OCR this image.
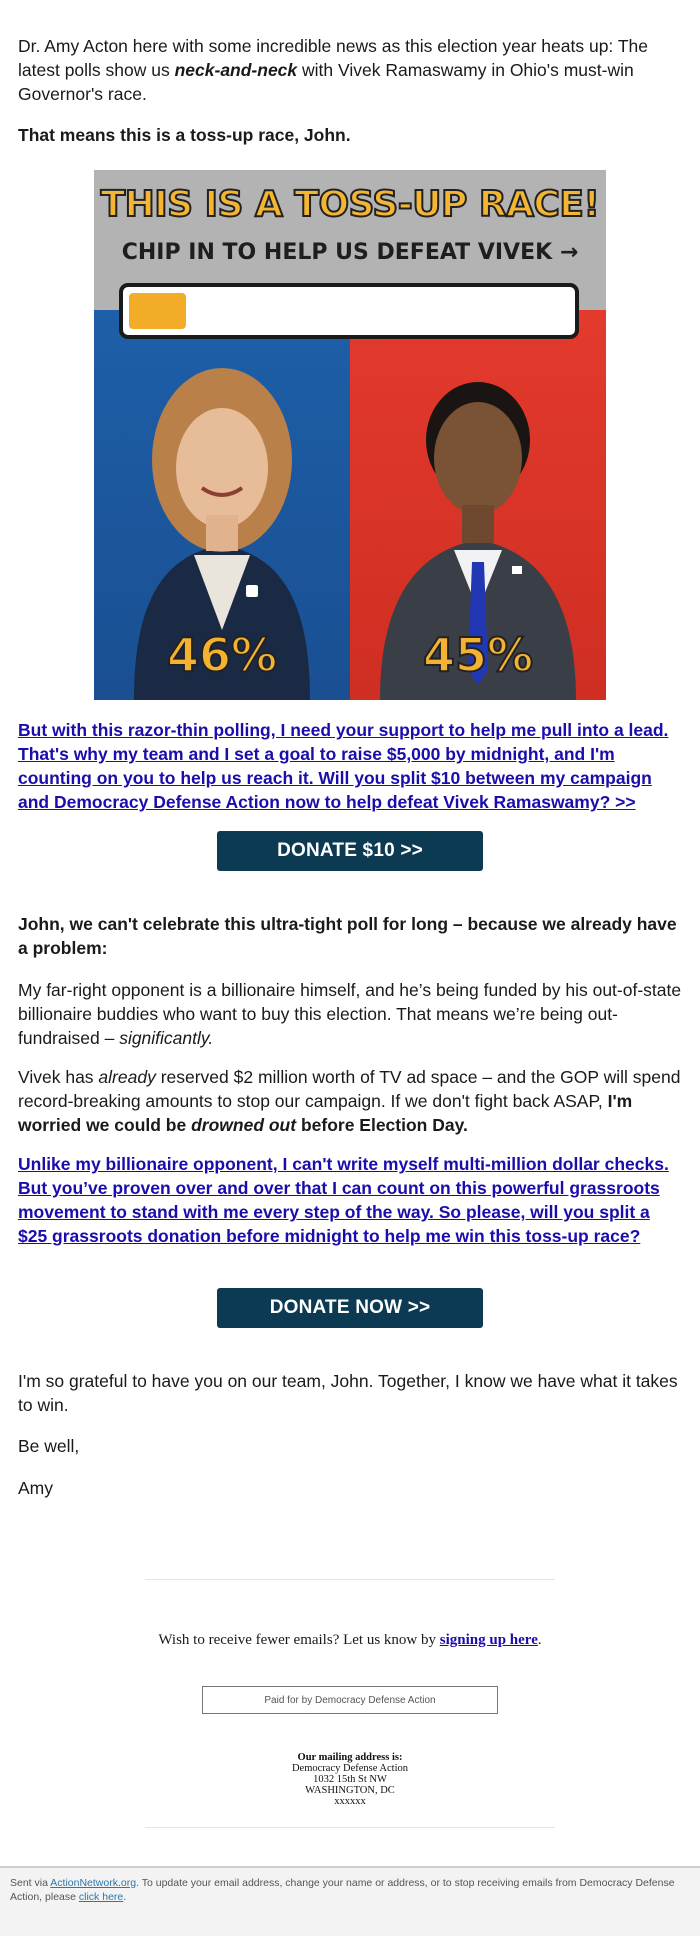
Dr. Amy Acton here with some incredible news as this election year heats up: The latest polls show us neck-and-neck with Vivek Ramaswamy in Ohio's must-win Governor's race.

That means this is a toss-up race, John.

THIS IS A TOSS-UP RACE!
CHIP IN TO HELP US DEFEAT VIVEK →
46%	45%

But with this razor-thin polling, I need your support to help me pull into a lead. That's why my team and I set a goal to raise $5,000 by midnight, and I'm counting on you to help us reach it. Will you split $10 between my campaign and Democracy Defense Action now to help defeat Vivek Ramaswamy? >>

DONATE $10 >>

John, we can't celebrate this ultra-tight poll for long – because we already have a problem:

My far-right opponent is a billionaire himself, and he’s being funded by his out-of-state billionaire buddies who want to buy this election. That means we’re being out-fundraised – significantly.

Vivek has already reserved $2 million worth of TV ad space – and the GOP will spend record-breaking amounts to stop our campaign. If we don't fight back ASAP, I'm worried we could be drowned out before Election Day.

Unlike my billionaire opponent, I can't write myself multi-million dollar checks. But you’ve proven over and over that I can count on this powerful grassroots movement to stand with me every step of the way. So please, will you split a $25 grassroots donation before midnight to help me win this toss-up race?

DONATE NOW >>

I'm so grateful to have you on our team, John. Together, I know we have what it takes to win.

Be well,

Amy

Wish to receive fewer emails? Let us know by signing up here.
Paid for by Democracy Defense Action
Our mailing address is:
Democracy Defense Action
1032 15th St NW
WASHINGTON, DC
xxxxxx
Sent via ActionNetwork.org. To update your email address, change your name or address, or to stop receiving emails from Democracy Defense Action, please click here.
